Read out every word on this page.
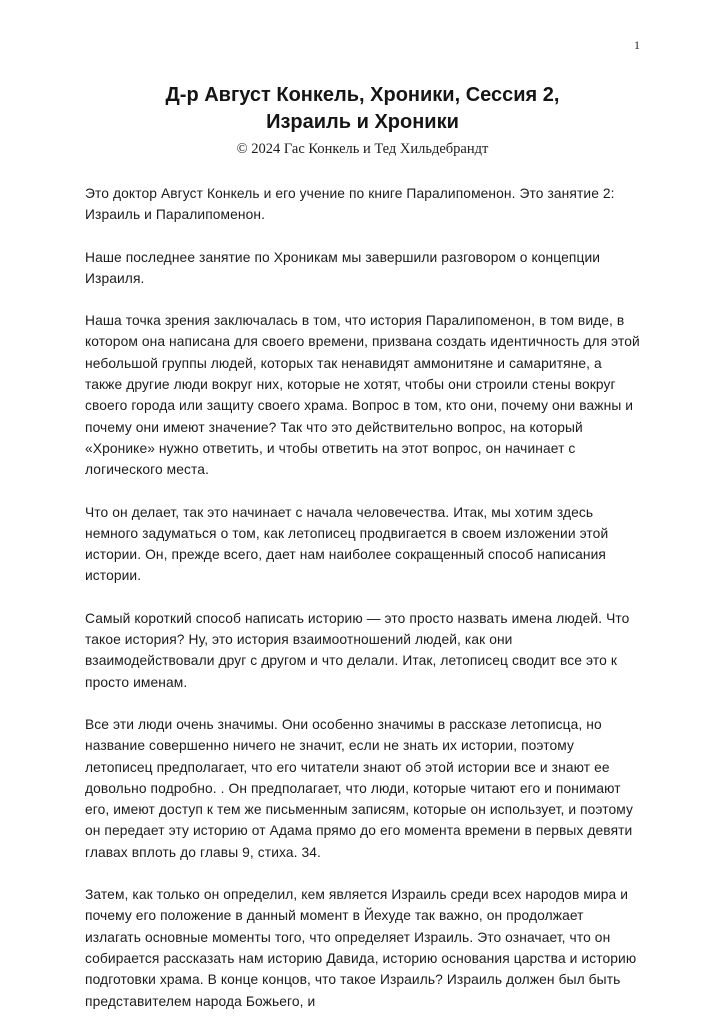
1
Д-р Август Конкель, Хроники, Сессия 2,
Израиль и Хроники
© 2024 Гас Конкель и Тед Хильдебрандт

Это доктор Август Конкель и его учение по книге Паралипоменон. Это занятие 2: Израиль и Паралипоменон.

Наше последнее занятие по Хроникам мы завершили разговором о концепции Израиля.

Наша точка зрения заключалась в том, что история Паралипоменон, в том виде, в котором она написана для своего времени, призвана создать идентичность для этой небольшой группы людей, которых так ненавидят аммонитяне и самаритяне, а также другие люди вокруг них, которые не хотят, чтобы они строили стены вокруг своего города или защиту своего храма. Вопрос в том, кто они, почему они важны и почему они имеют значение? Так что это действительно вопрос, на который «Хронике» нужно ответить, и чтобы ответить на этот вопрос, он начинает с логического места.

Что он делает, так это начинает с начала человечества. Итак, мы хотим здесь немного задуматься о том, как летописец продвигается в своем изложении этой истории. Он, прежде всего, дает нам наиболее сокращенный способ написания истории.

Самый короткий способ написать историю — это просто назвать имена людей. Что такое история? Ну, это история взаимоотношений людей, как они взаимодействовали друг с другом и что делали. Итак, летописец сводит все это к просто именам.

Все эти люди очень значимы. Они особенно значимы в рассказе летописца, но название совершенно ничего не значит, если не знать их истории, поэтому летописец предполагает, что его читатели знают об этой истории все и знают ее довольно подробно. . Он предполагает, что люди, которые читают его и понимают его, имеют доступ к тем же письменным записям, которые он использует, и поэтому он передает эту историю от Адама прямо до его момента времени в первых девяти главах вплоть до главы 9, стиха. 34.

Затем, как только он определил, кем является Израиль среди всех народов мира и почему его положение в данный момент в Йехуде так важно, он продолжает излагать основные моменты того, что определяет Израиль. Это означает, что он собирается рассказать нам историю Давида, историю основания царства и историю подготовки храма. В конце концов, что такое Израиль? Израиль должен был быть представителем народа Божьего, и
